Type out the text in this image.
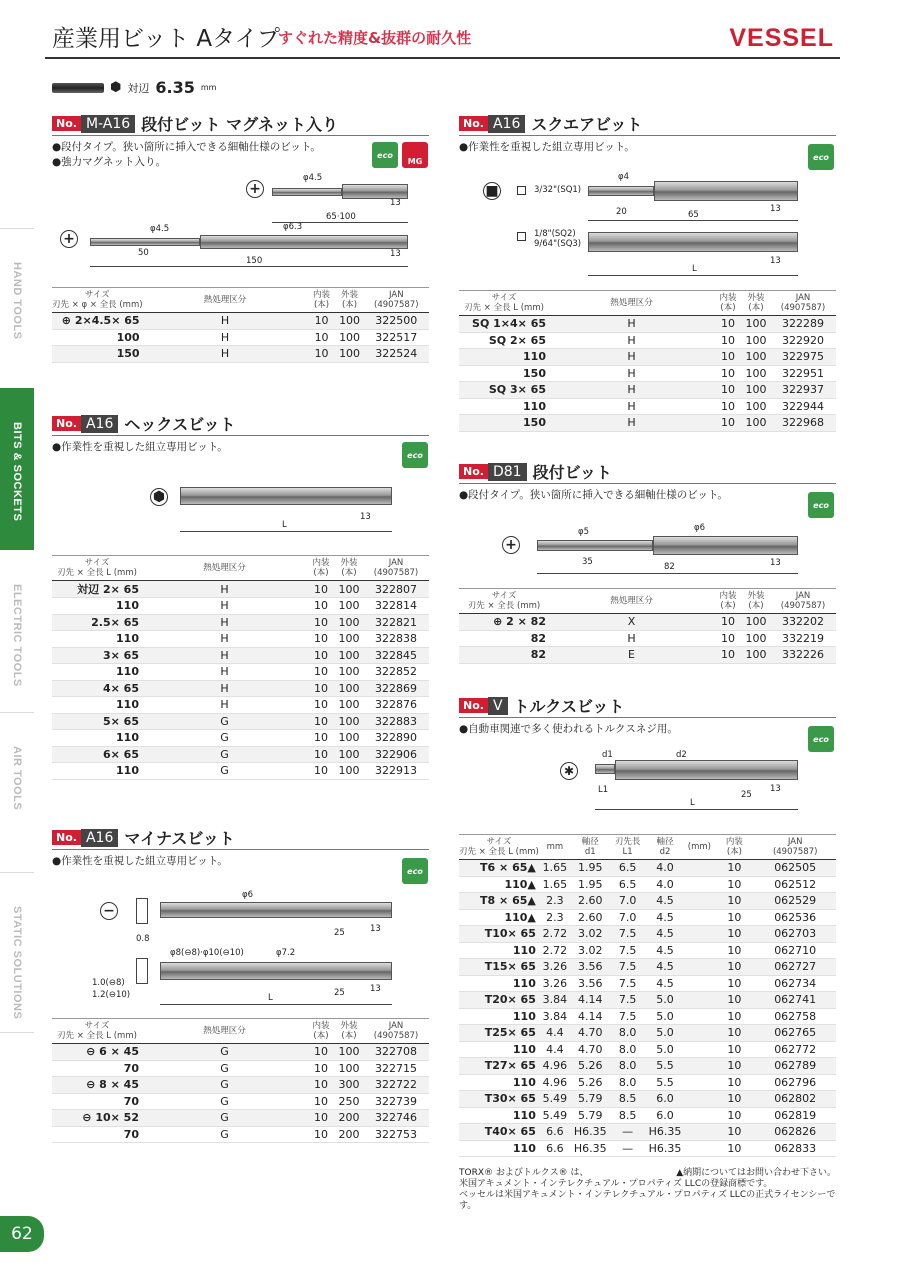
産業用ビット Aタイプ
すぐれた精度&抜群の耐久性	VESSEL
HAND TOOLS
BITS & SOCKETS
ELECTRIC TOOLS
AIR TOOLS
STATIC SOLUTIONS
62
⬢ 対辺 6.35 mm
No. M-A16 段付ビット マグネット入り
●段付タイプ。狭い箇所に挿入できる細軸仕様のビット。
●強力マグネット入り。
eco
MG
+
φ4.5
65·100
13
+
φ4.5	φ6.3
50
150
13
サイズ
刃先 × φ × 全長 (mm)	熱処理区分	内装
(本)	外装
(本)	JAN
(4907587)
⊕ 2×4.5× 65	H	10	100	322500
100	H	10	100	322517
150	H	10	100	322524
No. A16 ヘックスビット
●作業性を重視した組立専用ビット。
eco
⬢
13
L
サイズ
刃先 × 全長 L (mm)	熱処理区分	内装
(本)	外装
(本)	JAN
(4907587)
対辺 2× 65	H	10	100	322807
110	H	10	100	322814
2.5× 65	H	10	100	322821
110	H	10	100	322838
3× 65	H	10	100	322845
110	H	10	100	322852
4× 65	H	10	100	322869
110	H	10	100	322876
5× 65	G	10	100	322883
110	G	10	100	322890
6× 65	G	10	100	322906
110	G	10	100	322913
No. A16 マイナスビット
●作業性を重視した組立専用ビット。
eco
−
φ6
25	13
0.8
φ8(⊖8)·φ10(⊖10)	φ7.2
1.0(⊖8)
1.2(⊖10)	25	13
L
サイズ
刃先 × 全長 L (mm)	熱処理区分	内装
(本)	外装
(本)	JAN
(4907587)
⊖ 6 × 45	G	10	100	322708
70	G	10	100	322715
⊖ 8 × 45	G	10	300	322722
70	G	10	250	322739
⊖ 10× 52	G	10	200	322746
70	G	10	200	322753
No. A16 スクエアビット
●作業性を重視した組立専用ビット。
eco
■	3/32"(SQ1)
φ4
20	65
13
1/8"(SQ2)
9/64"(SQ3)
13
L
サイズ
刃先 × 全長 L (mm)	熱処理区分	内装
(本)	外装
(本)	JAN
(4907587)
SQ 1×4× 65	H	10	100	322289
SQ 2× 65	H	10	100	322920
110	H	10	100	322975
150	H	10	100	322951
SQ 3× 65	H	10	100	322937
110	H	10	100	322944
150	H	10	100	322968
No. D81 段付ビット
●段付タイプ。狭い箇所に挿入できる細軸仕様のビット。
eco
+
φ5	φ6
35	82	13
サイズ
刃先 × 全長 (mm)	熱処理区分	内装
(本)	外装
(本)	JAN
(4907587)
⊕ 2 × 82	X	10	100	332202
82	H	10	100	332219
82	E	10	100	332226
No. V トルクスビット
●自動車関連で多く使われるトルクスネジ用。
eco
✱
d1	d2
L1	25
13
L
サイズ
刃先 × 全長 L (mm)	mm	軸径
d1	刃先長
L1	軸径
d2	(mm)	内装
(本)	JAN
(4907587)
T6 × 65▲	1.65	1.95	6.5	4.0		10	062505
110▲	1.65	1.95	6.5	4.0		10	062512
T8 × 65▲	2.3	2.60	7.0	4.5		10	062529
110▲	2.3	2.60	7.0	4.5		10	062536
T10× 65	2.72	3.02	7.5	4.5		10	062703
110	2.72	3.02	7.5	4.5		10	062710
T15× 65	3.26	3.56	7.5	4.5		10	062727
110	3.26	3.56	7.5	4.5		10	062734
T20× 65	3.84	4.14	7.5	5.0		10	062741
110	3.84	4.14	7.5	5.0		10	062758
T25× 65	4.4	4.70	8.0	5.0		10	062765
110	4.4	4.70	8.0	5.0		10	062772
T27× 65	4.96	5.26	8.0	5.5		10	062789
110	4.96	5.26	8.0	5.5		10	062796
T30× 65	5.49	5.79	8.5	6.0		10	062802
110	5.49	5.79	8.5	6.0		10	062819
T40× 65	6.6	H6.35	—	H6.35		10	062826
110	6.6	H6.35	—	H6.35		10	062833
TORX® およびトルクス® は、	▲納期についてはお問い合わせ下さい。
米国アキュメント・インテレクチュアル・プロパティズ LLCの登録商標です。
ベッセルは米国アキュメント・インテレクチュアル・プロパティズ LLCの正式ライセンシーです。
